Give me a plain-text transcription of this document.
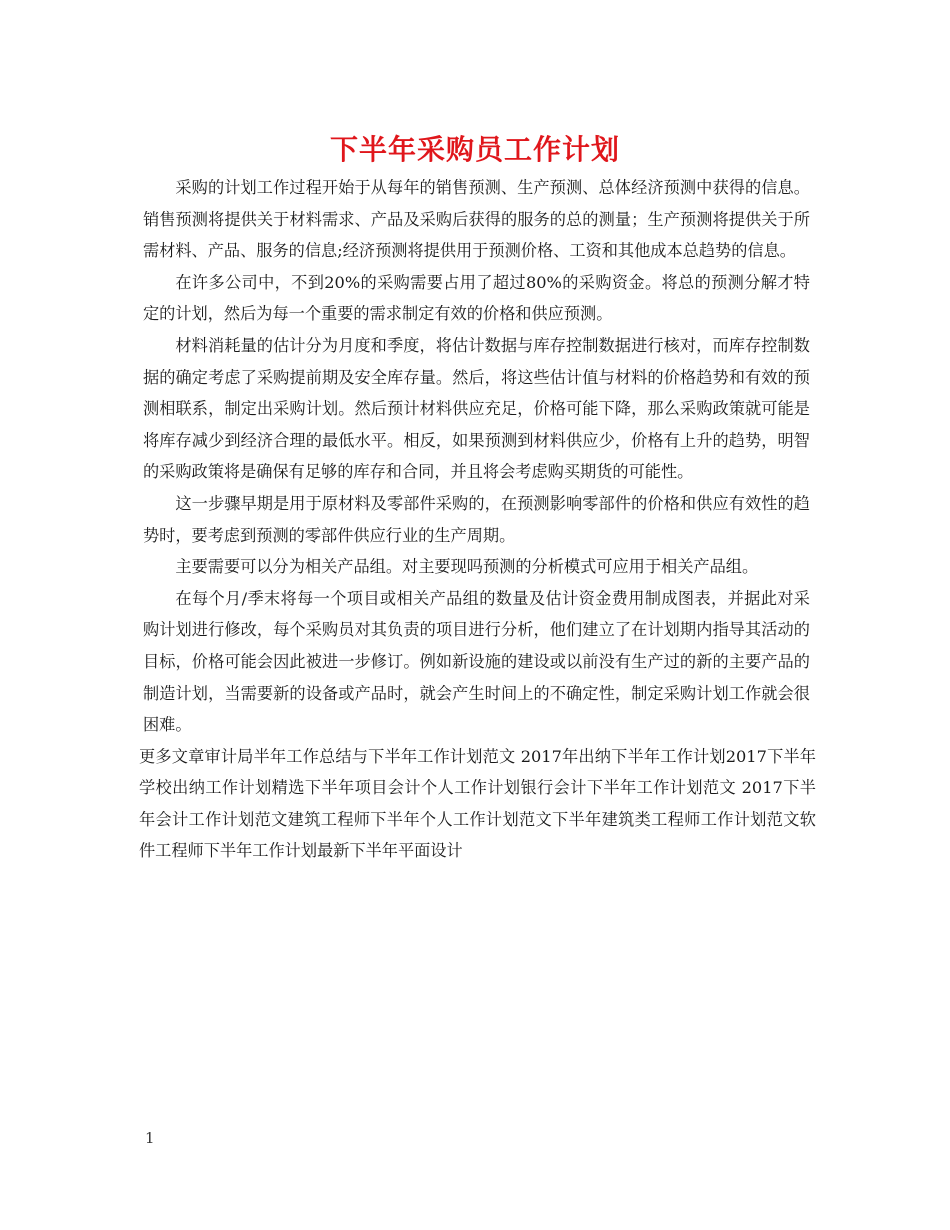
下半年采购员工作计划

采购的计划工作过程开始于从每年的销售预测、生产预测、总体经济预测中获得的信息。销售预测将提供关于材料需求、产品及采购后获得的服务的总的测量；生产预测将提供关于所需材料、产品、服务的信息;经济预测将提供用于预测价格、工资和其他成本总趋势的信息。

在许多公司中，不到20%的采购需要占用了超过80%的采购资金。将总的预测分解才特定的计划，然后为每一个重要的需求制定有效的价格和供应预测。

材料消耗量的估计分为月度和季度，将估计数据与库存控制数据进行核对，而库存控制数据的确定考虑了采购提前期及安全库存量。然后，将这些估计值与材料的价格趋势和有效的预测相联系，制定出采购计划。然后预计材料供应充足，价格可能下降，那么采购政策就可能是将库存减少到经济合理的最低水平。相反，如果预测到材料供应少，价格有上升的趋势，明智的采购政策将是确保有足够的库存和合同，并且将会考虑购买期货的可能性。

这一步骤早期是用于原材料及零部件采购的，在预测影响零部件的价格和供应有效性的趋势时，要考虑到预测的零部件供应行业的生产周期。

主要需要可以分为相关产品组。对主要现吗预测的分析模式可应用于相关产品组。

在每个月/季末将每一个项目或相关产品组的数量及估计资金费用制成图表，并据此对采购计划进行修改，每个采购员对其负责的项目进行分析，他们建立了在计划期内指导其活动的目标，价格可能会因此被进一步修订。例如新设施的建设或以前没有生产过的新的主要产品的制造计划，当需要新的设备或产品时，就会产生时间上的不确定性，制定采购计划工作就会很困难。

更多文章审计局半年工作总结与下半年工作计划范文 2017年出纳下半年工作计划2017下半年学校出纳工作计划精选下半年项目会计个人工作计划银行会计下半年工作计划范文 2017下半年会计工作计划范文建筑工程师下半年个人工作计划范文下半年建筑类工程师工作计划范文软件工程师下半年工作计划最新下半年平面设计

1
